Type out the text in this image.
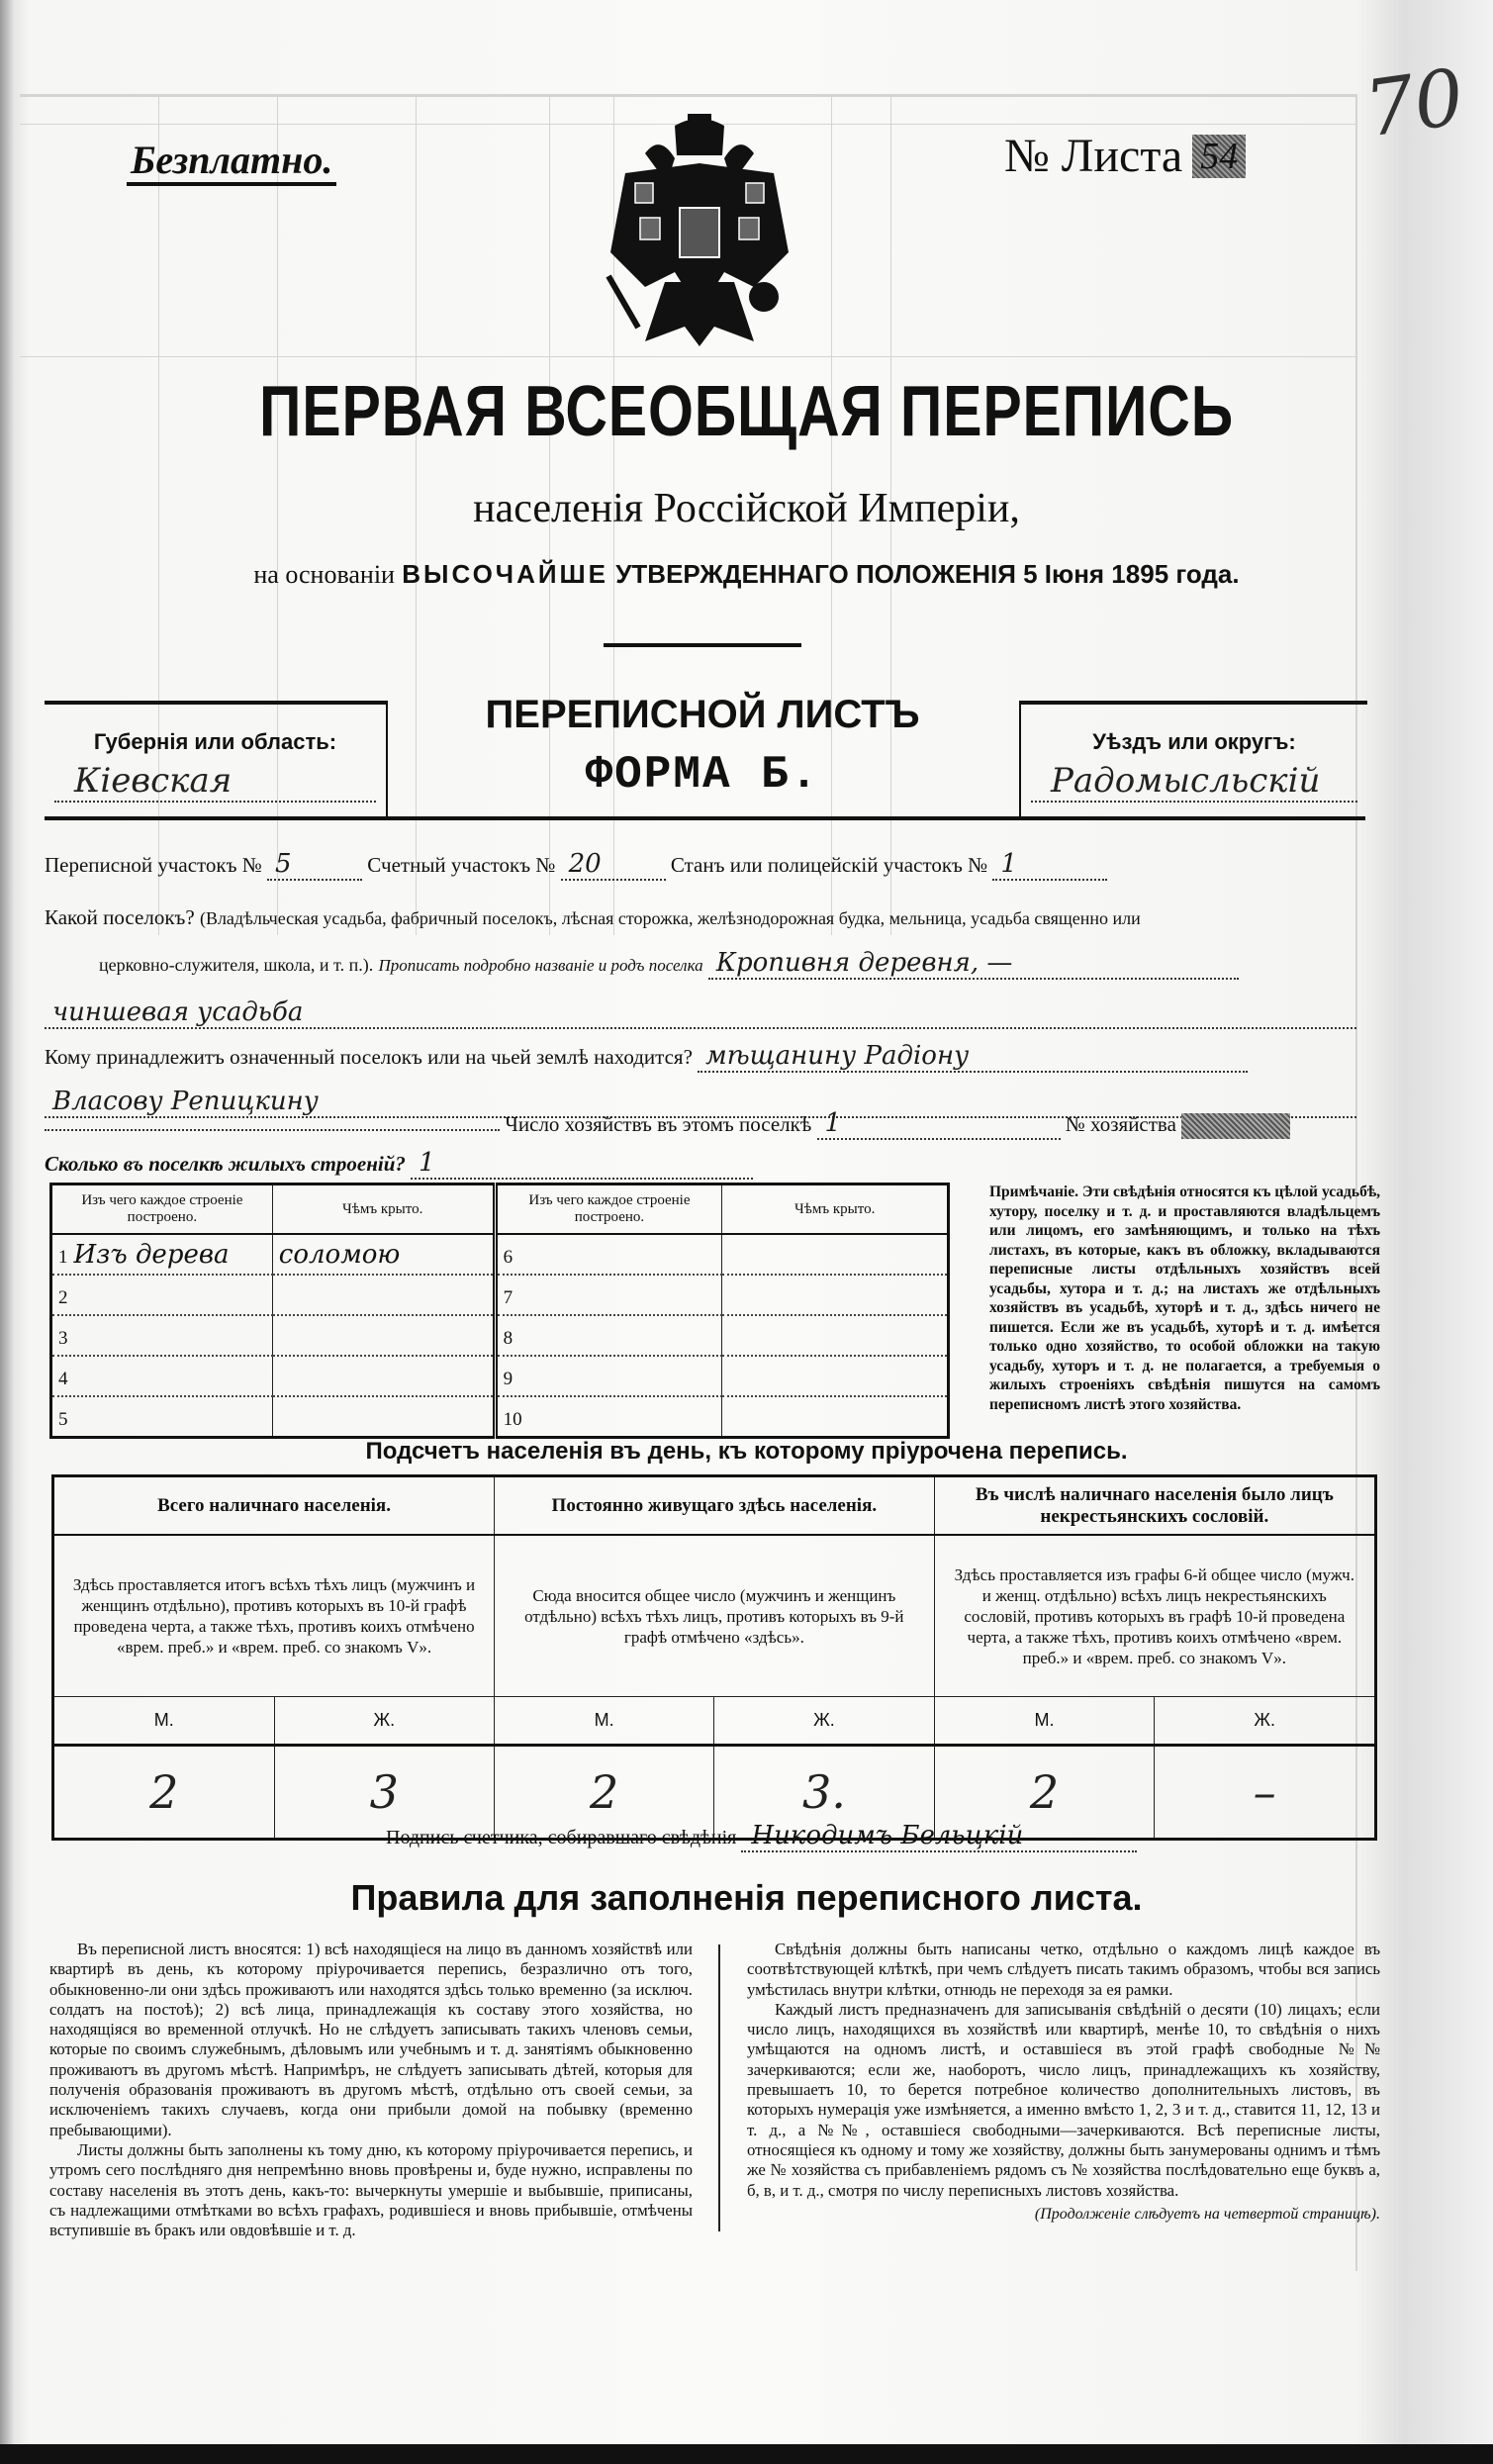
Безплатно.	№ Листа 54
70
ПЕРВАЯ ВСЕОБЩАЯ ПЕРЕПИСЬ
населенія Россійской Имперіи,
на основаніи ВЫСОЧАЙШЕ УТВЕРЖДЕННАГО ПОЛОЖЕНІЯ 5 Іюня 1895 года.
Губернія или область:
Кіевская
ПЕРЕПИСНОЙ ЛИСТЪ
ФОРМА Б.
Уѣздъ или округъ:
Радомысльскій
Переписной участокъ № 5	Счетный участокъ № 20	Станъ или полицейскій участокъ № 1
Какой поселокъ? (Владѣльческая усадьба, фабричный поселокъ, лѣсная сторожка, желѣзнодорожная будка, мельница, усадьба священно или
церковно-служителя, школа, и т. п.). Прописать подробно названіе и родъ поселка Кропивня деревня, —
чиншевая усадьба
Кому принадлежитъ означенный поселокъ или на чьей землѣ находится? мѣщанину Радіону
Власову Репицкину
Число хозяйствъ въ этомъ поселкѣ 1	№ хозяйства
Сколько въ поселкѣ жилыхъ строеній? 1
Изъ чего каждое строеніе построено.	Чѣмъ крыто.	Изъ чего каждое строеніе построено.	Чѣмъ крыто.
1 Изъ дерева	соломою	6	
2		7	
3		8	
4		9	
5		10	
Примѣчаніе. Эти свѣдѣнія относятся къ цѣлой усадьбѣ, хутору, поселку и т. д. и проставляются владѣльцемъ или лицомъ, его замѣняющимъ, и только на тѣхъ листахъ, въ которые, какъ въ обложку, вкладываются переписные листы отдѣльныхъ хозяйствъ всей усадьбы, хутора и т. д.; на листахъ же отдѣльныхъ хозяйствъ въ усадьбѣ, хуторѣ и т. д., здѣсь ничего не пишется. Если же въ усадьбѣ, хуторѣ и т. д. имѣется только одно хозяйство, то особой обложки на такую усадьбу, хуторъ и т. д. не полагается, а требуемыя о жилыхъ строеніяхъ свѣдѣнія пишутся на самомъ переписномъ листѣ этого хозяйства.
Подсчетъ населенія въ день, къ которому пріурочена перепись.
Всего наличнаго населенія.		Постоянно живущаго здѣсь населенія.		Въ числѣ наличнаго населенія было лицъ некрестьянскихъ сословій.	
Здѣсь проставляется итогъ всѣхъ тѣхъ лицъ (мужчинъ и женщинъ отдѣльно), противъ которыхъ въ 10-й графѣ проведена черта, а также тѣхъ, противъ коихъ отмѣчено «врем. преб.» и «врем. преб. со знакомъ V».		Сюда вносится общее число (мужчинъ и женщинъ отдѣльно) всѣхъ тѣхъ лицъ, противъ которыхъ въ 9-й графѣ отмѣчено «здѣсь».		Здѣсь проставляется изъ графы 6-й общее число (мужч. и женщ. отдѣльно) всѣхъ лицъ некрестьянскихъ сословій, противъ которыхъ въ графѣ 10-й проведена черта, а также тѣхъ, противъ коихъ отмѣчено «врем. преб.» и «врем. преб. со знакомъ V».	
М.	Ж.	М.	Ж.	М.	Ж.
2	3	2	3.	2	–
Подпись счетчика, собиравшаго свѣдѣнія Никодимъ Бельцкій
Правила для заполненія переписного листа.

Въ переписной листъ вносятся: 1) всѣ находящіеся на лицо въ данномъ хозяйствѣ или квартирѣ въ день, къ которому пріурочивается перепись, безразлично отъ того, обыкновенно-ли они здѣсь проживаютъ или находятся здѣсь только временно (за исключ. солдатъ на постоѣ); 2) всѣ лица, принадлежащія къ составу этого хозяйства, но находящіяся во временной отлучкѣ. Но не слѣдуетъ записывать такихъ членовъ семьи, которые по своимъ служебнымъ, дѣловымъ или учебнымъ и т. д. занятіямъ обыкновенно проживаютъ въ другомъ мѣстѣ. Напримѣръ, не слѣдуетъ записывать дѣтей, которыя для полученія образованія проживаютъ въ другомъ мѣстѣ, отдѣльно отъ своей семьи, за исключеніемъ такихъ случаевъ, когда они прибыли домой на побывку (временно пребывающими).

Листы должны быть заполнены къ тому дню, къ которому пріурочивается перепись, и утромъ сего послѣдняго дня непремѣнно вновь провѣрены и, буде нужно, исправлены по составу населенія въ этотъ день, какъ-то: вычеркнуты умершіе и выбывшіе, приписаны, съ надлежащими отмѣтками во всѣхъ графахъ, родившіеся и вновь прибывшіе, отмѣчены вступившіе въ бракъ или овдовѣвшіе и т. д.

Свѣдѣнія должны быть написаны четко, отдѣльно о каждомъ лицѣ каждое въ соотвѣтствующей клѣткѣ, при чемъ слѣдуетъ писать такимъ образомъ, чтобы вся запись умѣстилась внутри клѣтки, отнюдь не переходя за ея рамки.

Каждый листъ предназначенъ для записыванія свѣдѣній о десяти (10) лицахъ; если число лицъ, находящихся въ хозяйствѣ или квартирѣ, менѣе 10, то свѣдѣнія о нихъ умѣщаются на одномъ листѣ, и оставшіеся въ этой графѣ свободные №№ зачеркиваются; если же, наоборотъ, число лицъ, принадлежащихъ къ хозяйству, превышаетъ 10, то берется потребное количество дополнительныхъ листовъ, въ которыхъ нумерація уже измѣняется, а именно вмѣсто 1, 2, 3 и т. д., ставится 11, 12, 13 и т. д., а №№, оставшіеся свободными—зачеркиваются. Всѣ переписные листы, относящіеся къ одному и тому же хозяйству, должны быть занумерованы однимъ и тѣмъ же № хозяйства съ прибавленіемъ рядомъ съ № хозяйства послѣдовательно еще буквъ а, б, в, и т. д., смотря по числу переписныхъ листовъ хозяйства.

(Продолженіе слѣдуетъ на четвертой страницѣ).
